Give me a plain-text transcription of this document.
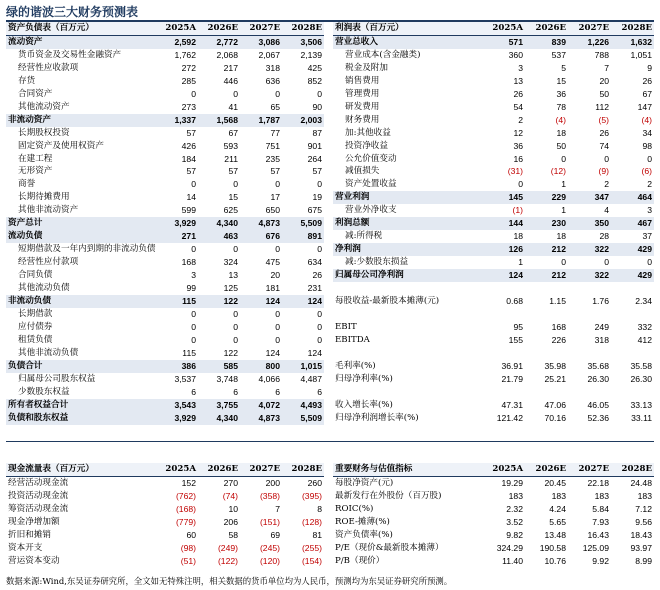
绿的谐波三大财务预测表
资产负债表（百万元）	2025A	2026E	2027E	2028E
流动资产	2,592	2,772	3,086	3,506
货币资金及交易性金融资产	1,762	2,068	2,067	2,139
经营性应收款项	272	217	318	425
存货	285	446	636	852
合同资产	0	0	0	0
其他流动资产	273	41	65	90
非流动资产	1,337	1,568	1,787	2,003
长期股权投资	57	67	77	87
固定资产及使用权资产	426	593	751	901
在建工程	184	211	235	264
无形资产	57	57	57	57
商誉	0	0	0	0
长期待摊费用	14	15	17	19
其他非流动资产	599	625	650	675
资产总计	3,929	4,340	4,873	5,509
流动负债	271	463	676	891
短期借款及一年内到期的非流动负债	0	0	0	0
经营性应付款项	168	324	475	634
合同负债	3	13	20	26
其他流动负债	99	125	181	231
非流动负债	115	122	124	124
长期借款	0	0	0	0
应付债券	0	0	0	0
租赁负债	0	0	0	0
其他非流动负债	115	122	124	124
负债合计	386	585	800	1,015
归属母公司股东权益	3,537	3,748	4,066	4,487
少数股东权益	6	6	6	6
所有者权益合计	3,543	3,755	4,072	4,493
负债和股东权益	3,929	4,340	4,873	5,509
利润表（百万元）	2025A	2026E	2027E	2028E
营业总收入	571	839	1,226	1,632
营业成本(含金融类)	360	537	788	1,051
税金及附加	3	5	7	9
销售费用	13	15	20	26
管理费用	26	36	50	67
研发费用	54	78	112	147
财务费用	2	(4)	(5)	(4)
加:其他收益	12	18	26	34
投资净收益	36	50	74	98
公允价值变动	16	0	0	0
减值损失	(31)	(12)	(9)	(6)
资产处置收益	0	1	2	2
营业利润	145	229	347	464
营业外净收支	(1)	1	4	3
利润总额	144	230	350	467
减:所得税	18	18	28	37
净利润	126	212	322	429
减:少数股东损益	1	0	0	0
归属母公司净利润	124	212	322	429

每股收益-最新股本摊薄(元)	0.68	1.15	1.76	2.34

EBIT	95	168	249	332
EBITDA	155	226	318	412

毛利率(%)	36.91	35.98	35.68	35.58
归母净利率(%)	21.79	25.21	26.30	26.30

收入增长率(%)	47.31	47.06	46.05	33.13
归母净利润增长率(%)	121.42	70.16	52.36	33.11
现金流量表（百万元）	2025A	2026E	2027E	2028E
经营活动现金流	152	270	200	260
投资活动现金流	(762)	(74)	(358)	(395)
筹资活动现金流	(168)	10	7	8
现金净增加额	(779)	206	(151)	(128)
折旧和摊销	60	58	69	81
资本开支	(98)	(249)	(245)	(255)
营运资本变动	(51)	(122)	(120)	(154)
重要财务与估值指标	2025A	2026E	2027E	2028E
每股净资产(元)	19.29	20.45	22.18	24.48
最新发行在外股份（百万股)	183	183	183	183
ROIC(%)	2.32	4.24	5.84	7.12
ROE-摊薄(%)	3.52	5.65	7.93	9.56
资产负债率(%)	9.82	13.48	16.43	18.43
P/E（现价&最新股本摊薄）	324.29	190.58	125.09	93.97
P/B（现价）	11.40	10.76	9.92	8.99
数据来源:Wind,东吴证券研究所，全文如无特殊注明，相关数据的货币单位均为人民币，预测均为东吴证券研究所预测。
